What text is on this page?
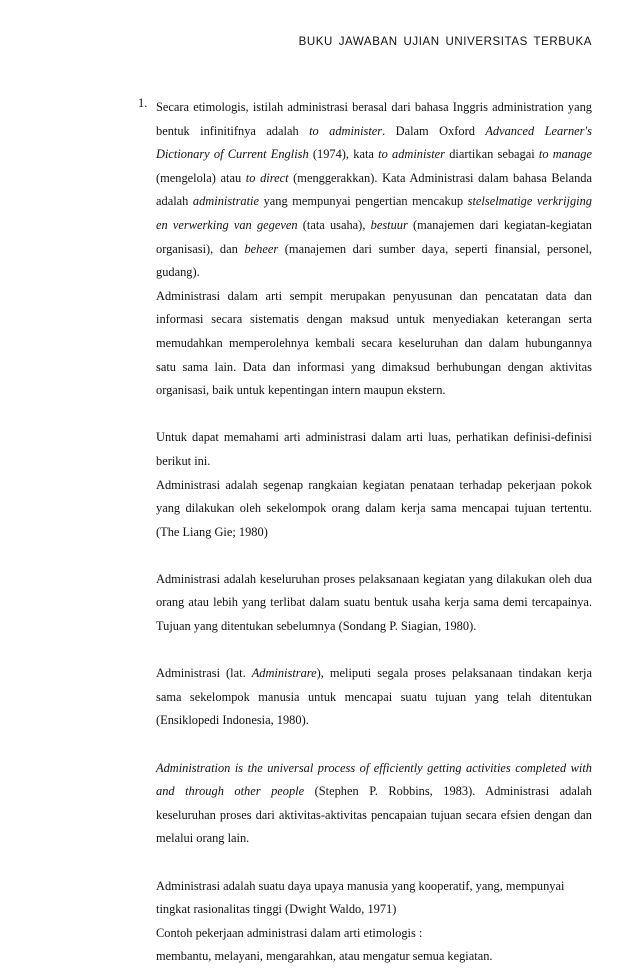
BUKU JAWABAN UJIAN UNIVERSITAS TERBUKA
1. Secara etimologis, istilah administrasi berasal dari bahasa Inggris administration yang
bentuk infinitifnya adalah to administer. Dalam Oxford Advanced Learner's
Dictionary of Current English (1974), kata to administer diartikan sebagai to manage
(mengelola) atau to direct (menggerakkan). Kata Administrasi dalam bahasa Belanda
adalah administratie yang mempunyai pengertian mencakup stelselmatige verkrijging
en verwerking van gegeven (tata usaha), bestuur (manajemen dari kegiatan-kegiatan
organisasi), dan beheer (manajemen dari sumber daya, seperti finansial, personel,
gudang).
Administrasi dalam arti sempit merupakan penyusunan dan pencatatan data dan
informasi secara sistematis dengan maksud untuk menyediakan keterangan serta
memudahkan memperolehnya kembali secara keseluruhan dan dalam hubungannya
satu sama lain. Data dan informasi yang dimaksud berhubungan dengan aktivitas
organisasi, baik untuk kepentingan intern maupun ekstern.
Untuk dapat memahami arti administrasi dalam arti luas, perhatikan definisi-definisi
berikut ini.
Administrasi adalah segenap rangkaian kegiatan penataan terhadap pekerjaan pokok
yang dilakukan oleh sekelompok orang dalam kerja sama mencapai tujuan tertentu.
(The Liang Gie; 1980)
Administrasi adalah keseluruhan proses pelaksanaan kegiatan yang dilakukan oleh dua
orang atau lebih yang terlibat dalam suatu bentuk usaha kerja sama demi tercapainya.
Tujuan yang ditentukan sebelumnya (Sondang P. Siagian, 1980).
Administrasi (lat. Administrare), meliputi segala proses pelaksanaan tindakan kerja
sama sekelompok manusia untuk mencapai suatu tujuan yang telah ditentukan
(Ensiklopedi Indonesia, 1980).
Administration is the universal process of efficiently getting activities completed with
and through other people (Stephen P. Robbins, 1983). Administrasi adalah
keseluruhan proses dari aktivitas-aktivitas pencapaian tujuan secara efsien dengan dan
melalui orang lain.
Administrasi adalah suatu daya upaya manusia yang kooperatif, yang, mempunyai
tingkat rasionalitas tinggi (Dwight Waldo, 1971)
Contoh pekerjaan administrasi dalam arti etimologis :
membantu, melayani, mengarahkan, atau mengatur semua kegiatan.
